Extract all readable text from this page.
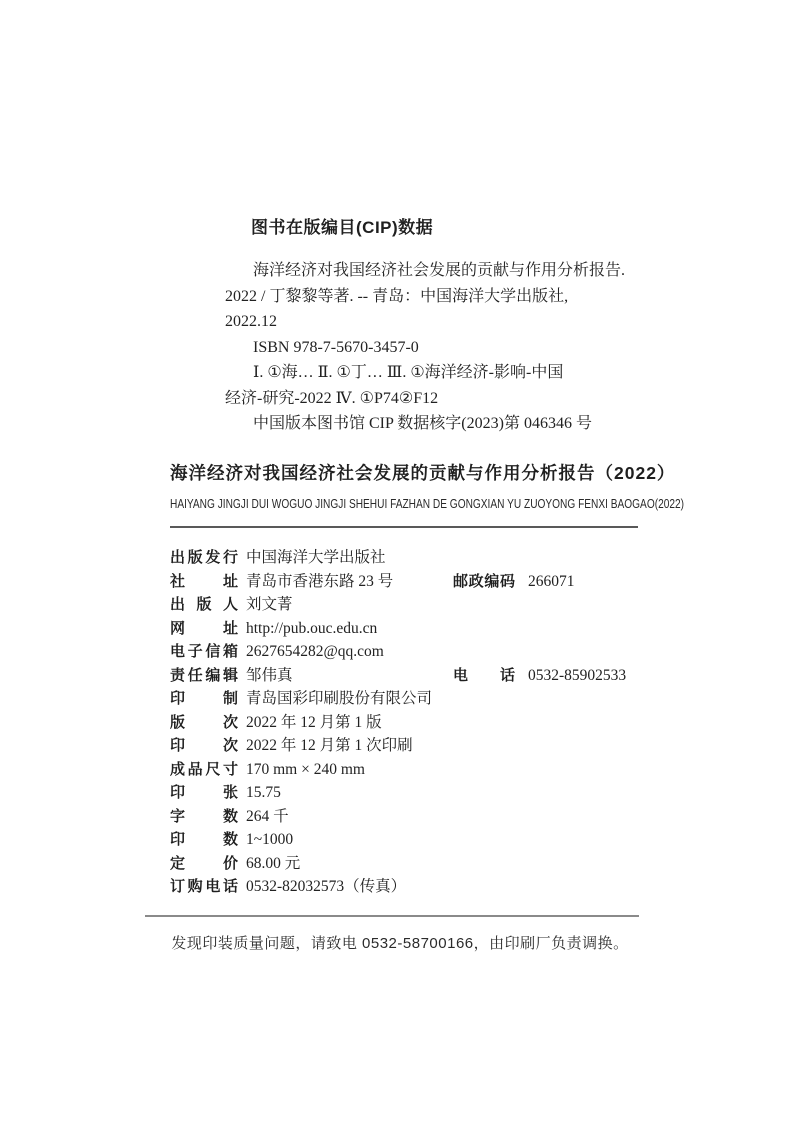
图书在版编目(CIP)数据
海洋经济对我国经济社会发展的贡献与作用分析报告.
2022 / 丁黎黎等著. -- 青岛：中国海洋大学出版社,
2022.12
ISBN 978-7-5670-3457-0
Ⅰ. ①海… Ⅱ. ①丁… Ⅲ. ①海洋经济-影响-中国
经济-研究-2022 Ⅳ. ①P74②F12
中国版本图书馆 CIP 数据核字(2023)第 046346 号
海洋经济对我国经济社会发展的贡献与作用分析报告（2022）
HAIYANG JINGJI DUI WOGUO JINGJI SHEHUI FAZHAN DE GONGXIAN YU ZUOYONG FENXI BAOGAO(2022)
出版发行 中国海洋大学出版社
社址 青岛市香港东路 23 号	邮政编码 266071
出版人 刘文菁
网址 http://pub.ouc.edu.cn
电子信箱 2627654282@qq.com
责任编辑 邹伟真	电话 0532-85902533
印制 青岛国彩印刷股份有限公司
版次 2022 年 12 月第 1 版
印次 2022 年 12 月第 1 次印刷
成品尺寸 170 mm × 240 mm
印张 15.75
字数 264 千
印数 1~1000
定价 68.00 元
订购电话 0532-82032573（传真）
发现印装质量问题，请致电 0532-58700166，由印刷厂负责调换。
